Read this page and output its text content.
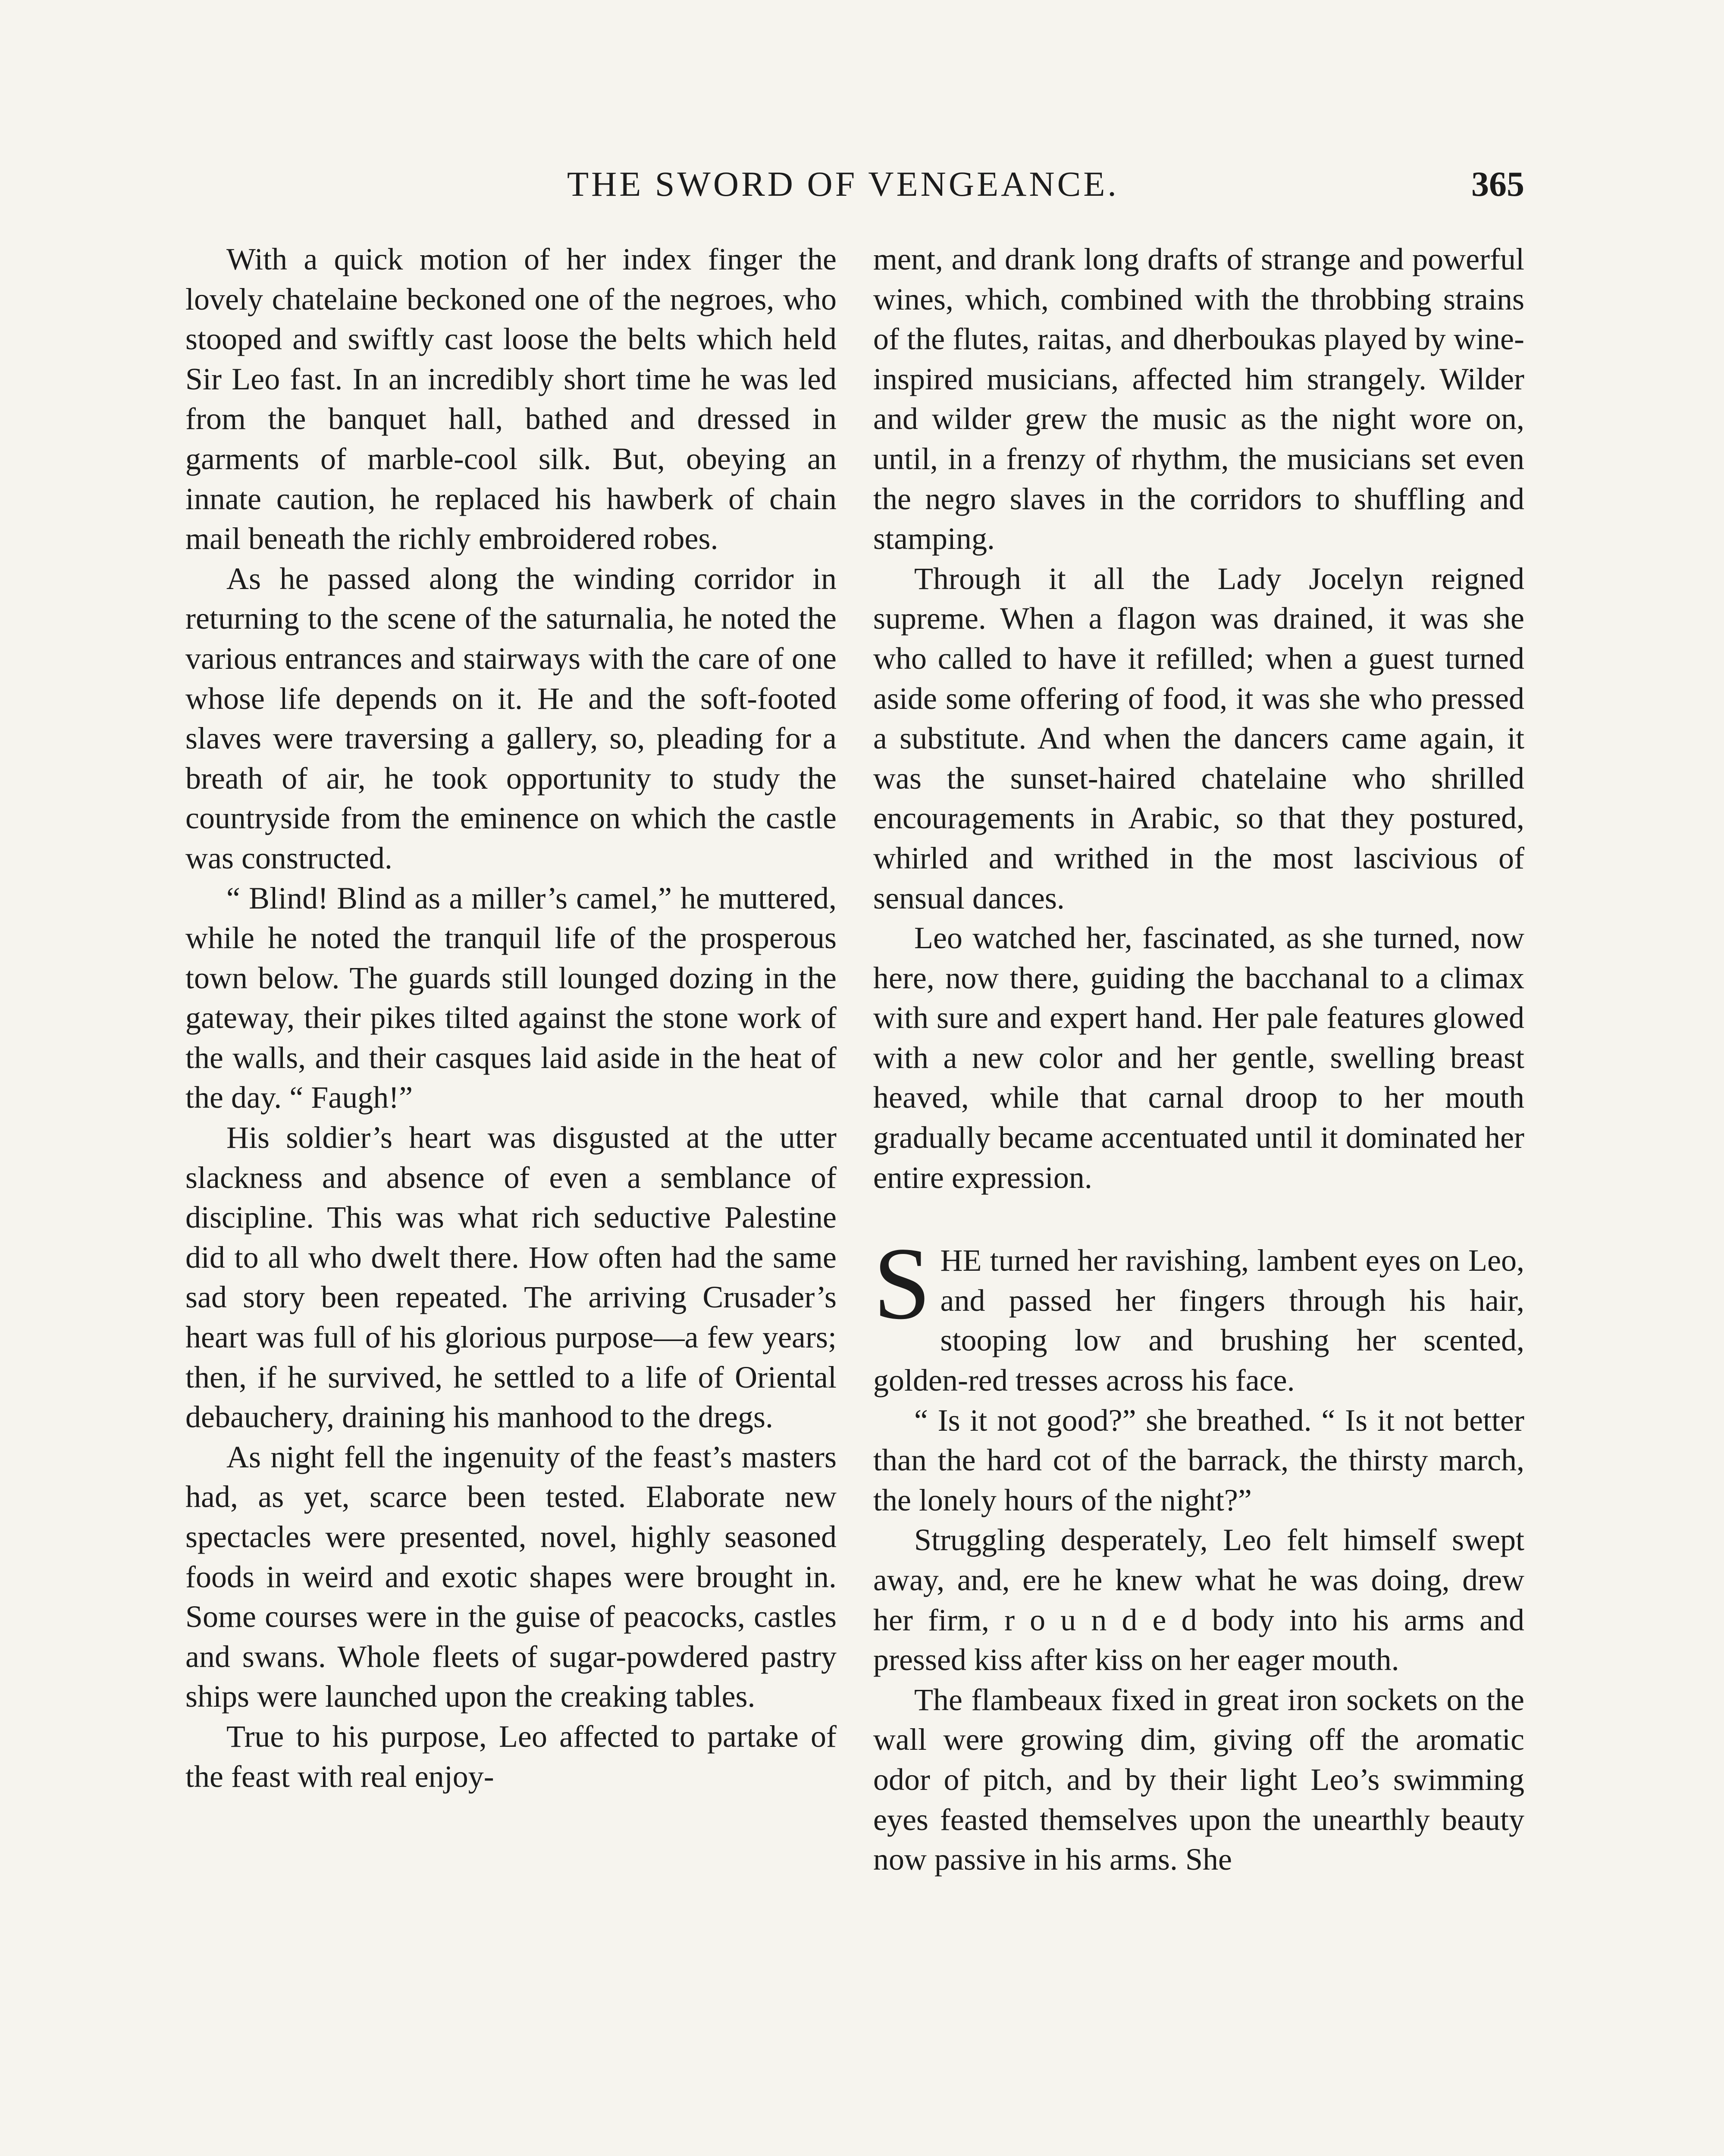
THE SWORD OF VENGEANCE.	365

With a quick motion of her index finger the lovely chatelaine beckoned one of the negroes, who stooped and swiftly cast loose the belts which held Sir Leo fast. In an incredibly short time he was led from the banquet hall, bathed and dressed in garments of marble-cool silk. But, obeying an innate caution, he replaced his hawberk of chain mail beneath the richly embroidered robes.

As he passed along the winding corridor in returning to the scene of the saturnalia, he noted the various entrances and stairways with the care of one whose life depends on it. He and the soft-footed slaves were traversing a gallery, so, pleading for a breath of air, he took opportunity to study the countryside from the eminence on which the castle was constructed.

“ Blind! Blind as a miller’s camel,” he muttered, while he noted the tranquil life of the prosperous town below. The guards still lounged dozing in the gateway, their pikes tilted against the stone work of the walls, and their casques laid aside in the heat of the day. “ Faugh!”

His soldier’s heart was disgusted at the utter slackness and absence of even a semblance of discipline. This was what rich seductive Palestine did to all who dwelt there. How often had the same sad story been repeated. The arriving Crusader’s heart was full of his glorious purpose—a few years; then, if he survived, he settled to a life of Oriental debauchery, draining his manhood to the dregs.

As night fell the ingenuity of the feast’s masters had, as yet, scarce been tested. Elaborate new spectacles were presented, novel, highly seasoned foods in weird and exotic shapes were brought in. Some courses were in the guise of peacocks, castles and swans. Whole fleets of sugar-powdered pastry ships were launched upon the creaking tables.

True to his purpose, Leo affected to partake of the feast with real enjoy-

ment, and drank long drafts of strange and powerful wines, which, combined with the throbbing strains of the flutes, raitas, and dherboukas played by wine-inspired musicians, affected him strangely. Wilder and wilder grew the music as the night wore on, until, in a frenzy of rhythm, the musicians set even the negro slaves in the corridors to shuffling and stamping.

Through it all the Lady Jocelyn reigned supreme. When a flagon was drained, it was she who called to have it refilled; when a guest turned aside some offering of food, it was she who pressed a substitute. And when the dancers came again, it was the sunset-haired chatelaine who shrilled encouragements in Arabic, so that they postured, whirled and writhed in the most lascivious of sensual dances.

Leo watched her, fascinated, as she turned, now here, now there, guiding the bacchanal to a climax with sure and expert hand. Her pale features glowed with a new color and her gentle, swelling breast heaved, while that carnal droop to her mouth gradually became accentuated until it dominated her entire expression.

SHE turned her ravishing, lambent eyes on Leo, and passed her fingers through his hair, stooping low and brushing her scented, golden-red tresses across his face.

“ Is it not good?” she breathed. “ Is it not better than the hard cot of the barrack, the thirsty march, the lonely hours of the night?”

Struggling desperately, Leo felt himself swept away, and, ere he knew what he was doing, drew her firm, r o u n d e d body into his arms and pressed kiss after kiss on her eager mouth.

The flambeaux fixed in great iron sockets on the wall were growing dim, giving off the aromatic odor of pitch, and by their light Leo’s swimming eyes feasted themselves upon the unearthly beauty now passive in his arms. She
